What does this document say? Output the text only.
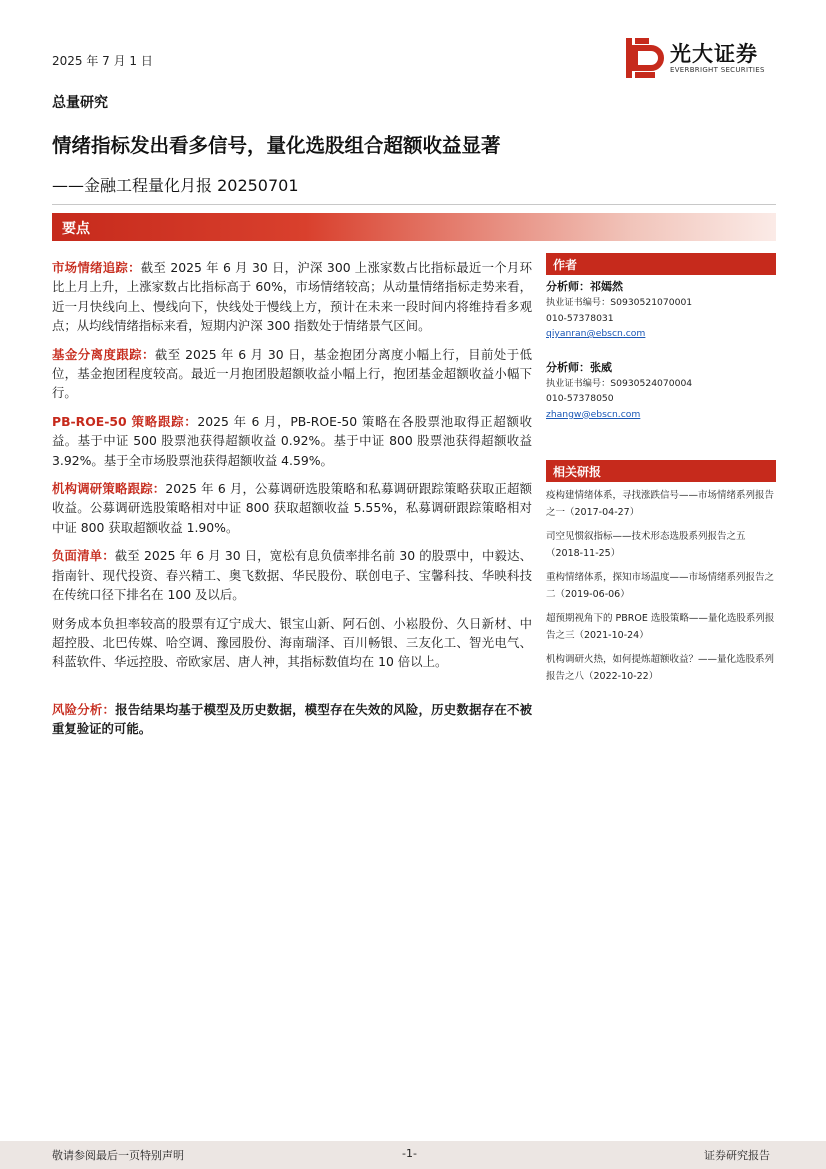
2025 年 7 月 1 日	光大证券
EVERBRIGHT SECURITIES
总量研究
情绪指标发出看多信号，量化选股组合超额收益显著
——金融工程量化月报 20250701
要点

市场情绪追踪：截至 2025 年 6 月 30 日，沪深 300 上涨家数占比指标最近一个月环比上月上升，上涨家数占比指标高于 60%，市场情绪较高；从动量情绪指标走势来看，近一月快线向上、慢线向下，快线处于慢线上方，预计在未来一段时间内将维持看多观点；从均线情绪指标来看，短期内沪深 300 指数处于情绪景气区间。

基金分离度跟踪：截至 2025 年 6 月 30 日，基金抱团分离度小幅上行，目前处于低位，基金抱团程度较高。最近一月抱团股超额收益小幅上行，抱团基金超额收益小幅下行。

PB-ROE-50 策略跟踪：2025 年 6 月，PB-ROE-50 策略在各股票池取得正超额收益。基于中证 500 股票池获得超额收益 0.92%。基于中证 800 股票池获得超额收益 3.92%。基于全市场股票池获得超额收益 4.59%。

机构调研策略跟踪：2025 年 6 月，公募调研选股策略和私募调研跟踪策略获取正超额收益。公募调研选股策略相对中证 800 获取超额收益 5.55%，私募调研跟踪策略相对中证 800 获取超额收益 1.90%。

负面清单：截至 2025 年 6 月 30 日，宽松有息负债率排名前 30 的股票中，中毅达、指南针、现代投资、春兴精工、奥飞数据、华民股份、联创电子、宝馨科技、华映科技在传统口径下排名在 100 及以后。

财务成本负担率较高的股票有辽宁成大、银宝山新、阿石创、小崧股份、久日新材、中超控股、北巴传媒、哈空调、豫园股份、海南瑞泽、百川畅银、三友化工、智光电气、科蓝软件、华远控股、帝欧家居、唐人神，其指标数值均在 10 倍以上。

风险分析：报告结果均基于模型及历史数据，模型存在失效的风险，历史数据存在不被重复验证的可能。

作者
分析师：祁嫣然
执业证书编号：S0930521070001
010-57378031
qiyanran@ebscn.com
分析师：张威
执业证书编号：S0930524070004
010-57378050
zhangw@ebscn.com
相关研报
疫构建情绪体系，寻找涨跌信号——市场情绪系列报告之一（2017-04-27）
司空见惯叙指标——技术形态选股系列报告之五（2018-11-25）
重构情绪体系，探知市场温度——市场情绪系列报告之二（2019-06-06）
超预期视角下的 PBROE 选股策略——量化选股系列报告之三（2021-10-24）
机构调研火热，如何提炼超额收益？——量化选股系列报告之八（2022-10-22）
敬请参阅最后一页特别声明	-1-	证券研究报告
